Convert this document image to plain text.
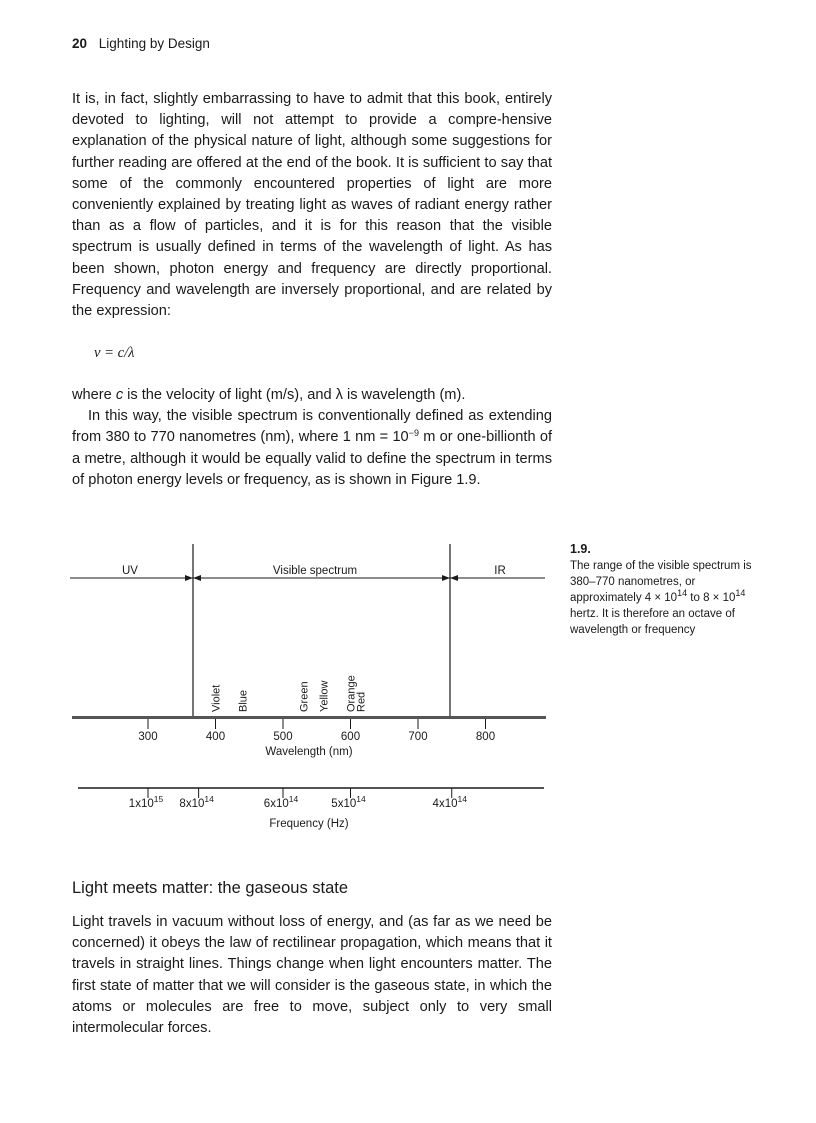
20 Lighting by Design

It is, in fact, slightly embarrassing to have to admit that this book, entirely devoted to lighting, will not attempt to provide a compre-hensive explanation of the physical nature of light, although some suggestions for further reading are offered at the end of the book. It is sufficient to say that some of the commonly encountered properties of light are more conveniently explained by treating light as waves of radiant energy rather than as a flow of particles, and it is for this reason that the visible spectrum is usually defined in terms of the wavelength of light. As has been shown, photon energy and frequency are directly proportional. Frequency and wavelength are inversely proportional, and are related by the expression:

ν = c/λ

where c is the velocity of light (m/s), and λ is wavelength (m).

In this way, the visible spectrum is conventionally defined as extending from 380 to 770 nanometres (nm), where 1 nm = $10^{-9}$ m or one-billionth of a metre, although it would be equally valid to define the spectrum in terms of photon energy levels or frequency, as is shown in Figure 1.9.

UV	Visible spectrum	IR
Violet Blue	Green Yellow Orange
Red
300	400	500	600	700	800
Wavelength (nm)
$1x10^{15}$ $8x10^{14}$	$6x10^{14}$	$5x10^{14}$	$4x10^{14}$
Frequency (Hz)
1.9.
The range of the visible spectrum is 380–770 nanometres, or approximately $4 \times 10^{14}$ to $8 \times 10^{14}$ hertz. It is therefore an octave of wavelength or frequency
Light meets matter: the gaseous state

Light travels in vacuum without loss of energy, and (as far as we need be concerned) it obeys the law of rectilinear propagation, which means that it travels in straight lines. Things change when light encounters matter. The first state of matter that we will consider is the gaseous state, in which the atoms or molecules are free to move, subject only to very small intermolecular forces.
